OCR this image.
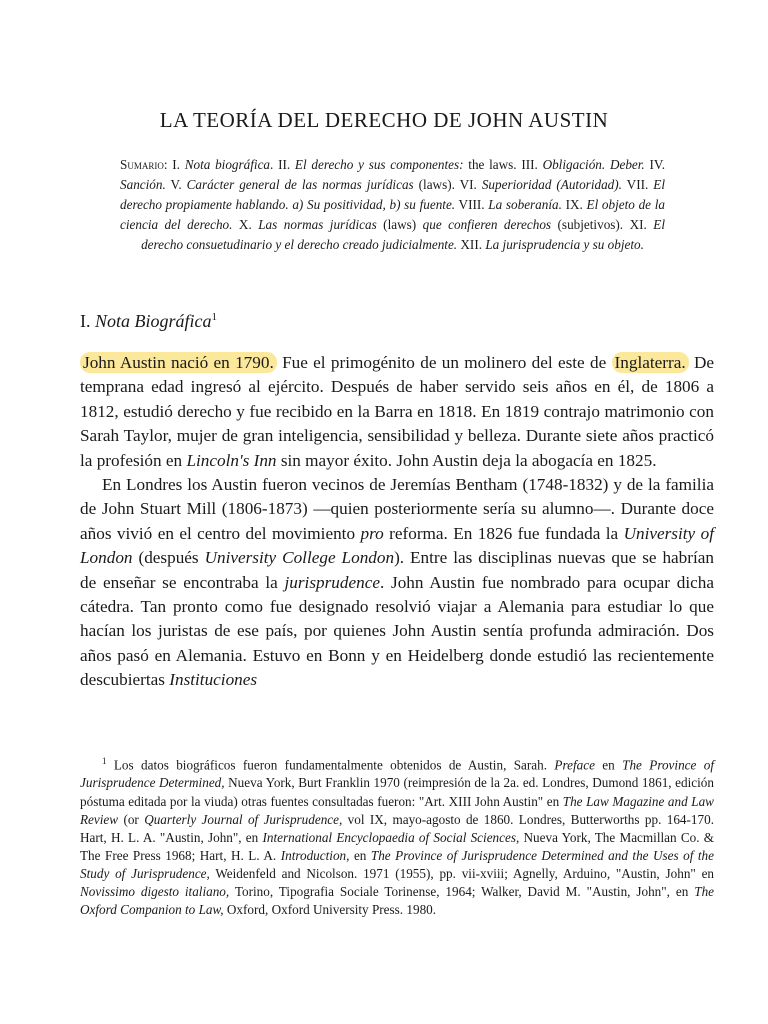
LA TEORÍA DEL DERECHO DE JOHN AUSTIN
Sumario: I. Nota biográfica. II. El derecho y sus componentes: the laws. III. Obligación. Deber. IV. Sanción. V. Carácter general de las normas jurídicas (laws). VI. Superioridad (Autoridad). VII. El derecho propiamente hablando. a) Su positividad, b) su fuente. VIII. La soberanía. IX. El objeto de la ciencia del derecho. X. Las normas jurídicas (laws) que confieren derechos (subjetivos). XI. El derecho consuetudinario y el derecho creado judicialmente. XII. La jurisprudencia y su objeto.
I. Nota Biográfica$^1$

John Austin nació en 1790. Fue el primogénito de un molinero del este de Inglaterra. De temprana edad ingresó al ejército. Después de haber servido seis años en él, de 1806 a 1812, estudió derecho y fue recibido en la Barra en 1818. En 1819 contrajo matrimonio con Sarah Taylor, mujer de gran inteligencia, sensibilidad y belleza. Durante siete años practicó la profesión en Lincoln's Inn sin mayor éxito. John Austin deja la abogacía en 1825.

En Londres los Austin fueron vecinos de Jeremías Bentham (1748-1832) y de la familia de John Stuart Mill (1806-1873) —quien posteriormente sería su alumno—. Durante doce años vivió en el centro del movimiento pro reforma. En 1826 fue fundada la University of London (después University College London). Entre las disciplinas nuevas que se habrían de enseñar se encontraba la jurisprudence. John Austin fue nombrado para ocupar dicha cátedra. Tan pronto como fue designado resolvió viajar a Alemania para estudiar lo que hacían los juristas de ese país, por quienes John Austin sentía profunda admiración. Dos años pasó en Alemania. Estuvo en Bonn y en Heidelberg donde estudió las recientemente descubiertas Instituciones

$^1$ Los datos biográficos fueron fundamentalmente obtenidos de Austin, Sarah. Preface en The Province of Jurisprudence Determined, Nueva York, Burt Franklin 1970 (reimpresión de la 2a. ed. Londres, Dumond 1861, edición póstuma editada por la viuda) otras fuentes consultadas fueron: "Art. XIII John Austin" en The Law Magazine and Law Review (or Quarterly Journal of Jurisprudence, vol IX, mayo-agosto de 1860. Londres, Butterworths pp. 164-170. Hart, H. L. A. "Austin, John", en International Encyclopaedia of Social Sciences, Nueva York, The Macmillan Co. & The Free Press 1968; Hart, H. L. A. Introduction, en The Province of Jurisprudence Determined and the Uses of the Study of Jurisprudence, Weidenfeld and Nicolson. 1971 (1955), pp. vii-xviii; Agnelly, Arduino, "Austin, John" en Novissimo digesto italiano, Torino, Tipografia Sociale Torinense, 1964; Walker, David M. "Austin, John", en The Oxford Companion to Law, Oxford, Oxford University Press. 1980.
